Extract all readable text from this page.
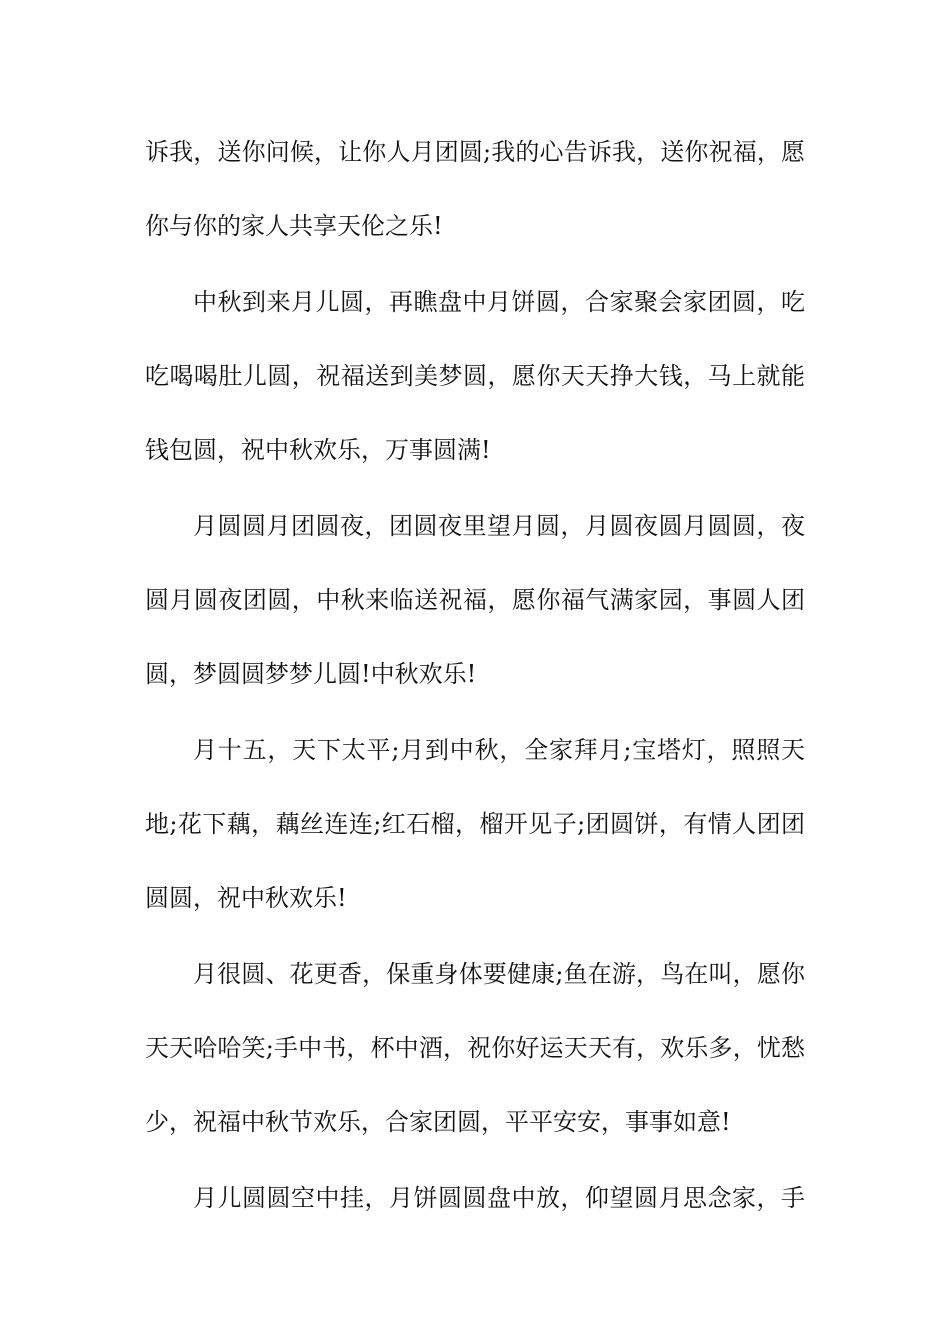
诉我，送你问候，让你人月团圆;我的心告诉我，送你祝福，愿
你与你的家人共享天伦之乐!
中秋到来月儿圆，再瞧盘中月饼圆，合家聚会家团圆，吃
吃喝喝肚儿圆，祝福送到美梦圆，愿你天天挣大钱，马上就能
钱包圆，祝中秋欢乐，万事圆满!
月圆圆月团圆夜，团圆夜里望月圆，月圆夜圆月圆圆，夜
圆月圆夜团圆，中秋来临送祝福，愿你福气满家园，事圆人团
圆，梦圆圆梦梦儿圆!中秋欢乐!
月十五，天下太平;月到中秋，全家拜月;宝塔灯，照照天
地;花下藕，藕丝连连;红石榴，榴开见子;团圆饼，有情人团团
圆圆，祝中秋欢乐!
月很圆、花更香，保重身体要健康;鱼在游，鸟在叫，愿你
天天哈哈笑;手中书，杯中酒，祝你好运天天有，欢乐多，忧愁
少，祝福中秋节欢乐，合家团圆，平平安安，事事如意!
月儿圆圆空中挂，月饼圆圆盘中放，仰望圆月思念家，手
